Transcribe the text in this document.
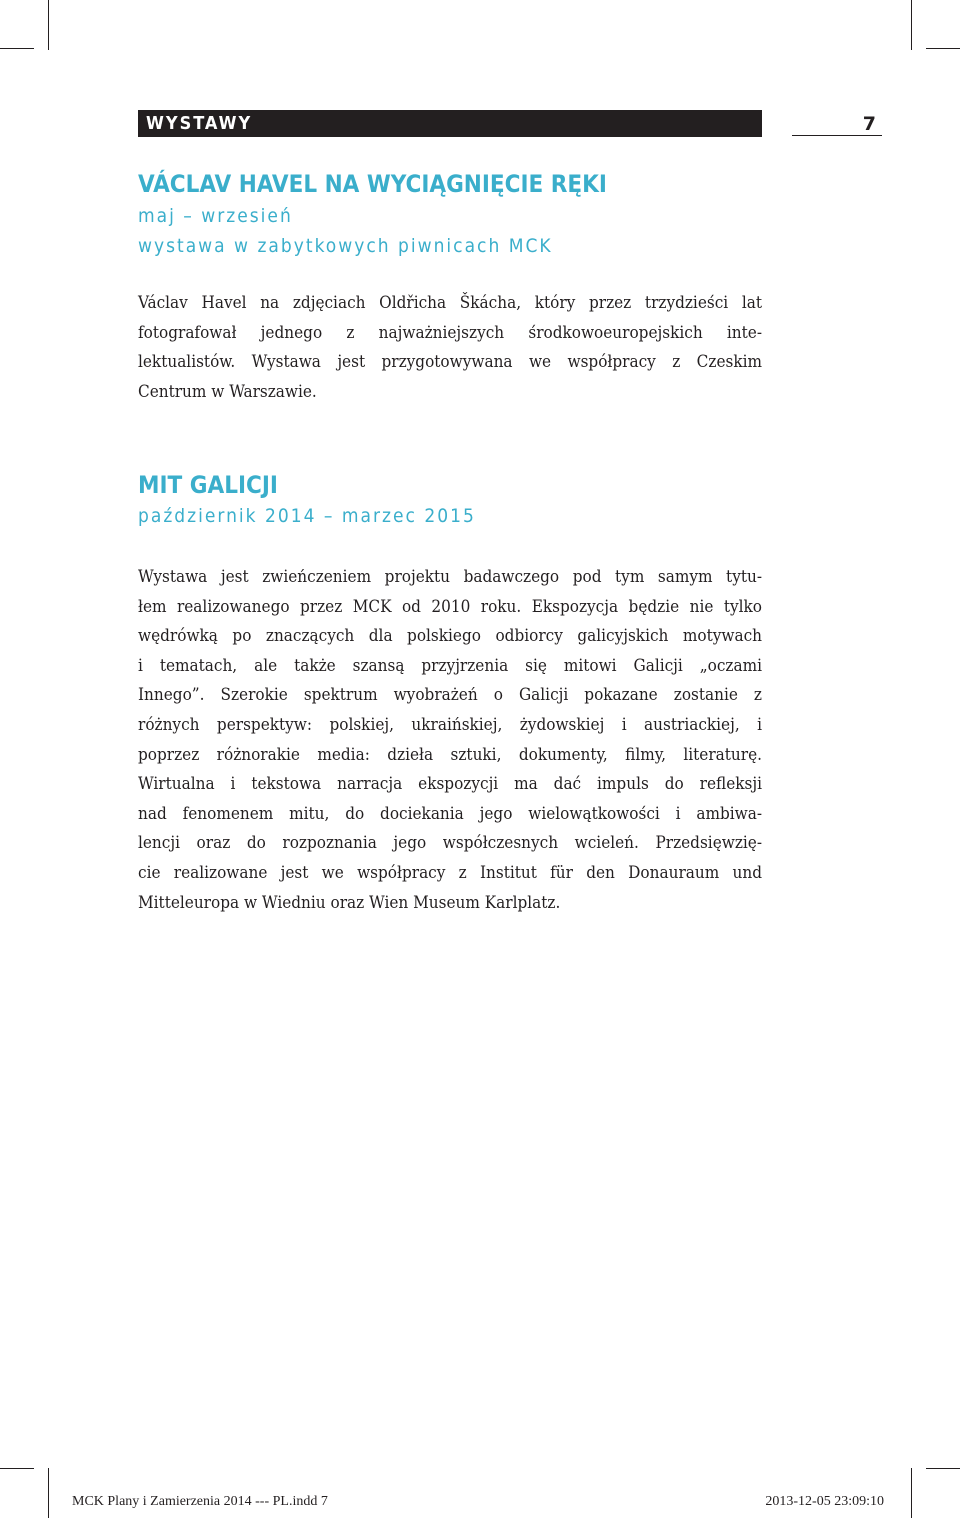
WYSTAWY	7
VÁCLAV HAVEL NA WYCIĄGNIĘCIE RĘKI
maj – wrzesień
wystawa w zabytkowych piwnicach MCK
Václav Havel na zdjęciach Oldřicha Škácha, który przez trzydzieści lat
fotografował jednego z najważniejszych środkowoeuropejskich inte-
lektualistów. Wystawa jest przygotowywana we współpracy z Czeskim
Centrum w Warszawie.
MIT GALICJI
październik 2014 – marzec 2015
Wystawa jest zwieńczeniem projektu badawczego pod tym samym tytu-
łem realizowanego przez MCK od 2010 roku. Ekspozycja będzie nie tylko
wędrówką po znaczących dla polskiego odbiorcy galicyjskich motywach
i tematach, ale także szansą przyjrzenia się mitowi Galicji „oczami
Innego”. Szerokie spektrum wyobrażeń o Galicji pokazane zostanie z
różnych perspektyw: polskiej, ukraińskiej, żydowskiej i austriackiej, i
poprzez różnorakie media: dzieła sztuki, dokumenty, filmy, literaturę.
Wirtualna i tekstowa narracja ekspozycji ma dać impuls do refleksji
nad fenomenem mitu, do dociekania jego wielowątkowości i ambiwa-
lencji oraz do rozpoznania jego współczesnych wcieleń. Przedsięwzię-
cie realizowane jest we współpracy z Institut für den Donauraum und
Mitteleuropa w Wiedniu oraz Wien Museum Karlplatz.
MCK Plany i Zamierzenia 2014 --- PL.indd 7	2013-12-05 23:09:10
